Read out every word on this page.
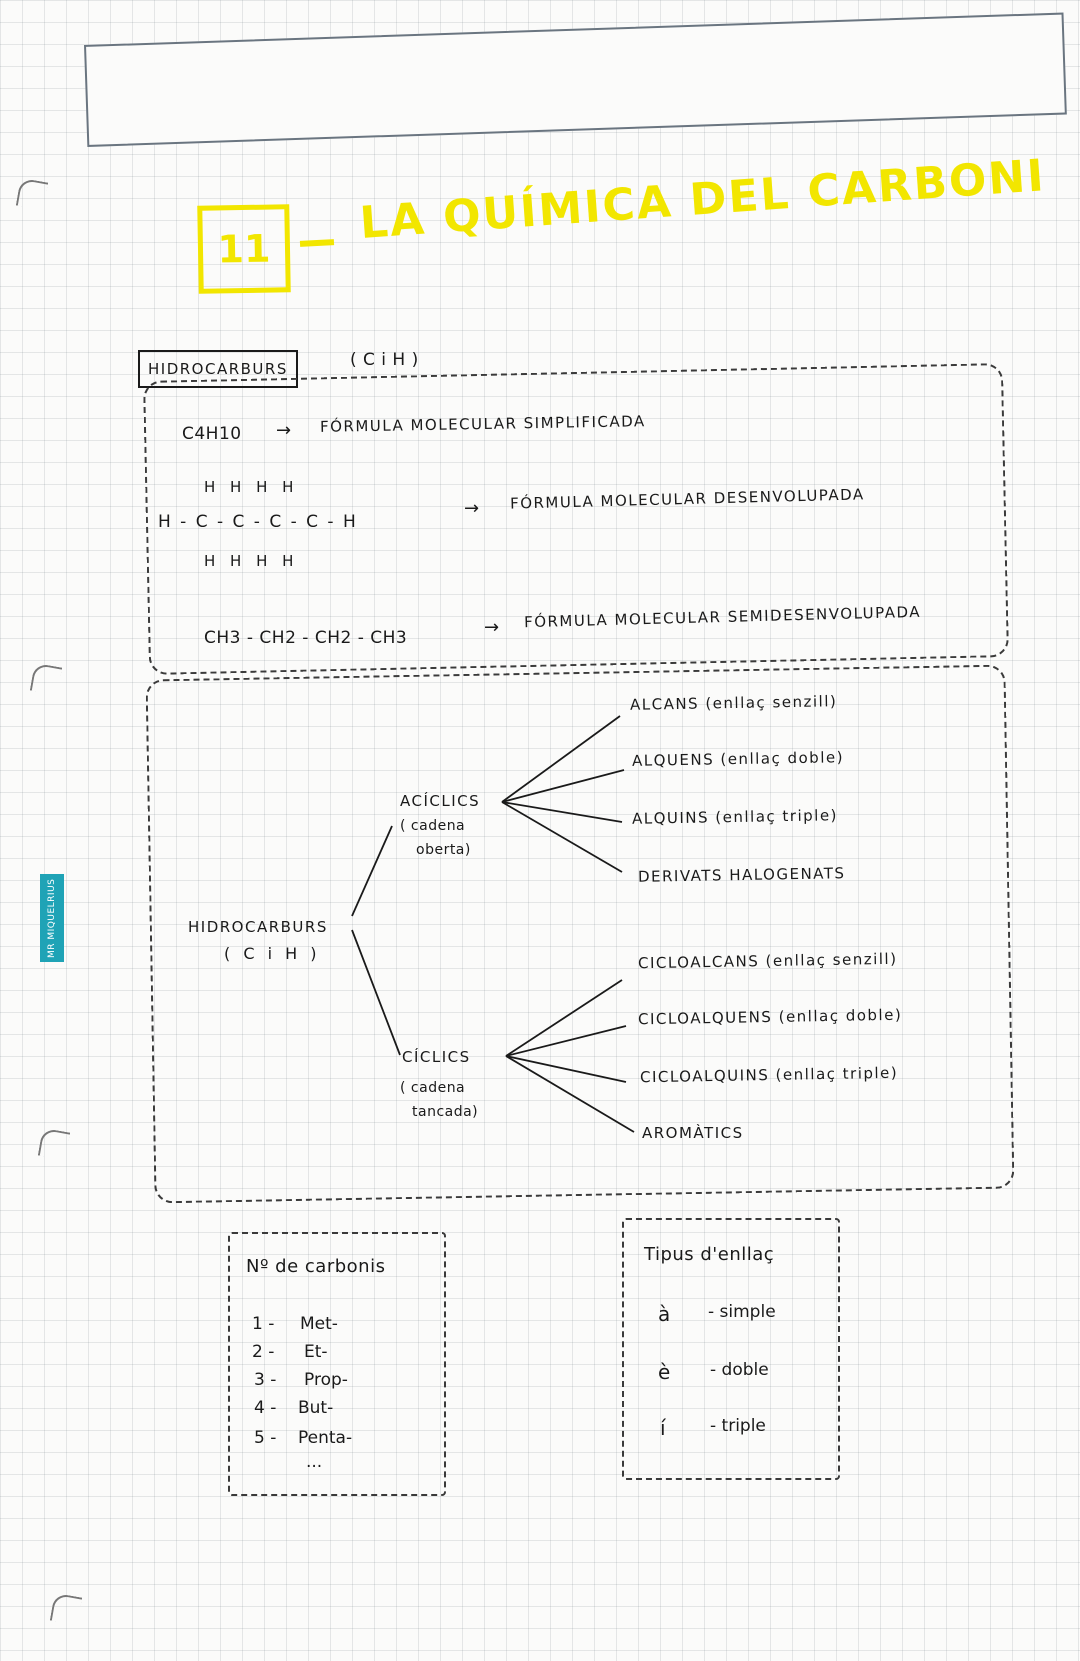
MR MIQUELRIUS
11
LA QUÍMICA DEL CARBONI
HIDROCARBURS	( C i H )
C4H10 → FÓRMULA MOLECULAR SIMPLIFICADA
H H H H
H - C - C - C - C - H
H H H H
→ FÓRMULA MOLECULAR DESENVOLUPADA
CH3 - CH2 - CH2 - CH3	→ FÓRMULA MOLECULAR SEMIDESENVOLUPADA
HIDROCARBURS
( C i H )
ACÍCLICS
( cadena
oberta)
ALCANS (enllaç senzill)
ALQUENS (enllaç doble)
ALQUINS (enllaç triple)
DERIVATS HALOGENATS
CÍCLICS
( cadena
tancada)
CICLOALCANS (enllaç senzill)
CICLOALQUENS (enllaç doble)
CICLOALQUINS (enllaç triple)
AROMÀTICS
Nº de carbonis
1 - Met-
2 - Et-
3 - Prop-
4 - But-
5 - Penta-
...
Tipus d'enllaç
à - simple
è - doble
í	- triple
